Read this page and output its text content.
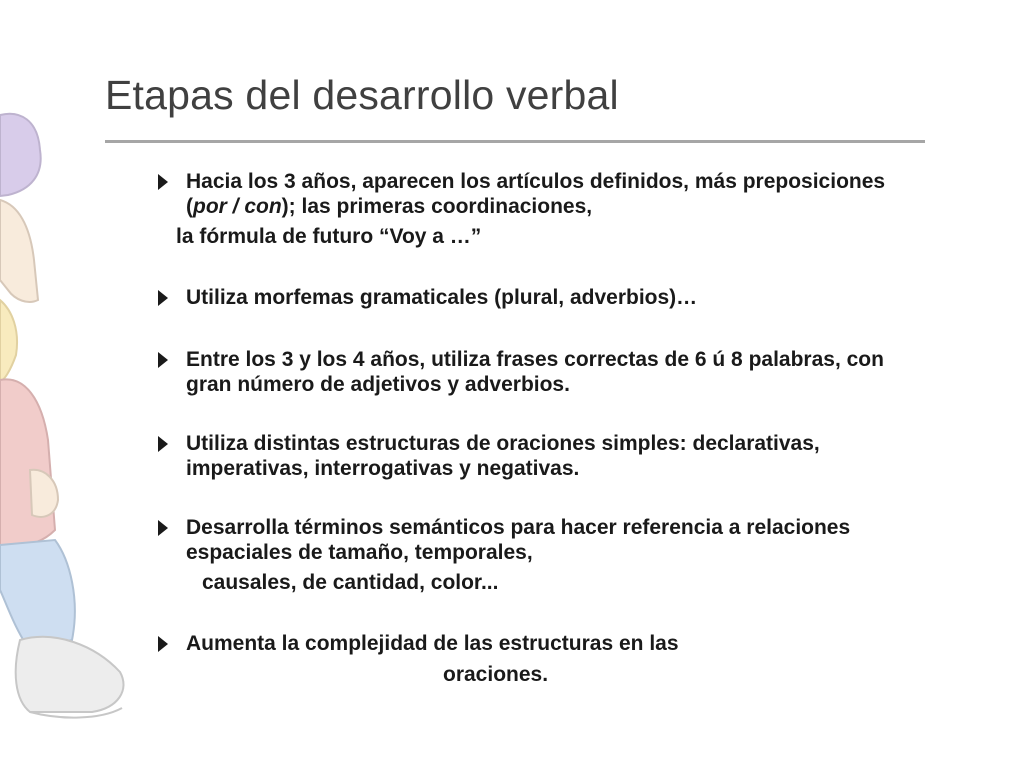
Etapas del desarrollo verbal
Hacia los 3 años, aparecen los artículos definidos, más preposiciones
(por / con); las primeras coordinaciones,
la fórmula de futuro “Voy a …”
Utiliza morfemas gramaticales (plural, adverbios)…
Entre los 3 y los 4 años, utiliza frases correctas de 6 ú 8 palabras, con
gran número de adjetivos y adverbios.
Utiliza distintas estructuras de oraciones simples: declarativas,
imperativas, interrogativas y negativas.
Desarrolla términos semánticos para hacer referencia a relaciones
espaciales de tamaño, temporales,
causales, de cantidad, color...
Aumenta la complejidad de las estructuras en las
oraciones.
